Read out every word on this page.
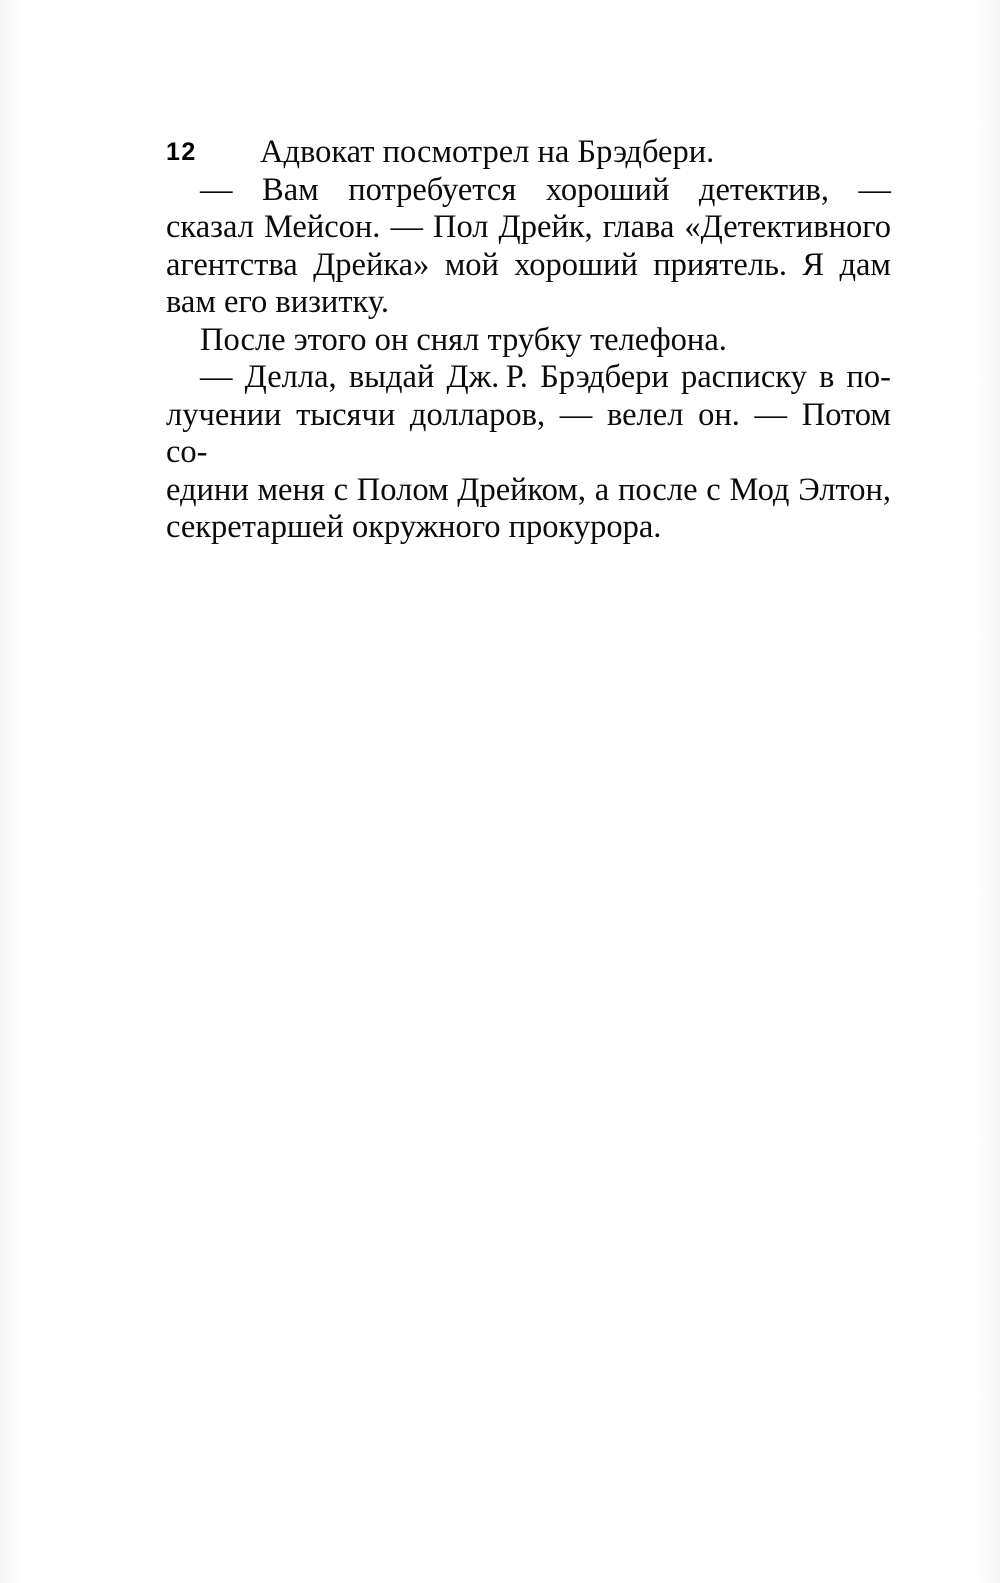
12	Адвокат посмотрел на Брэдбери.
— Вам потребуется хороший детектив, —
сказал Мейсон. — Пол Дрейк, глава «Детективного
агентства Дрейка» мой хороший приятель. Я дам
вам его визитку.
После этого он снял трубку телефона.
— Делла, выдай Дж. Р. Брэдбери расписку в по-
лучении тысячи долларов, — велел он. — Потом со-
едини меня с Полом Дрейком, а после с Мод Элтон,
секретаршей окружного прокурора.
